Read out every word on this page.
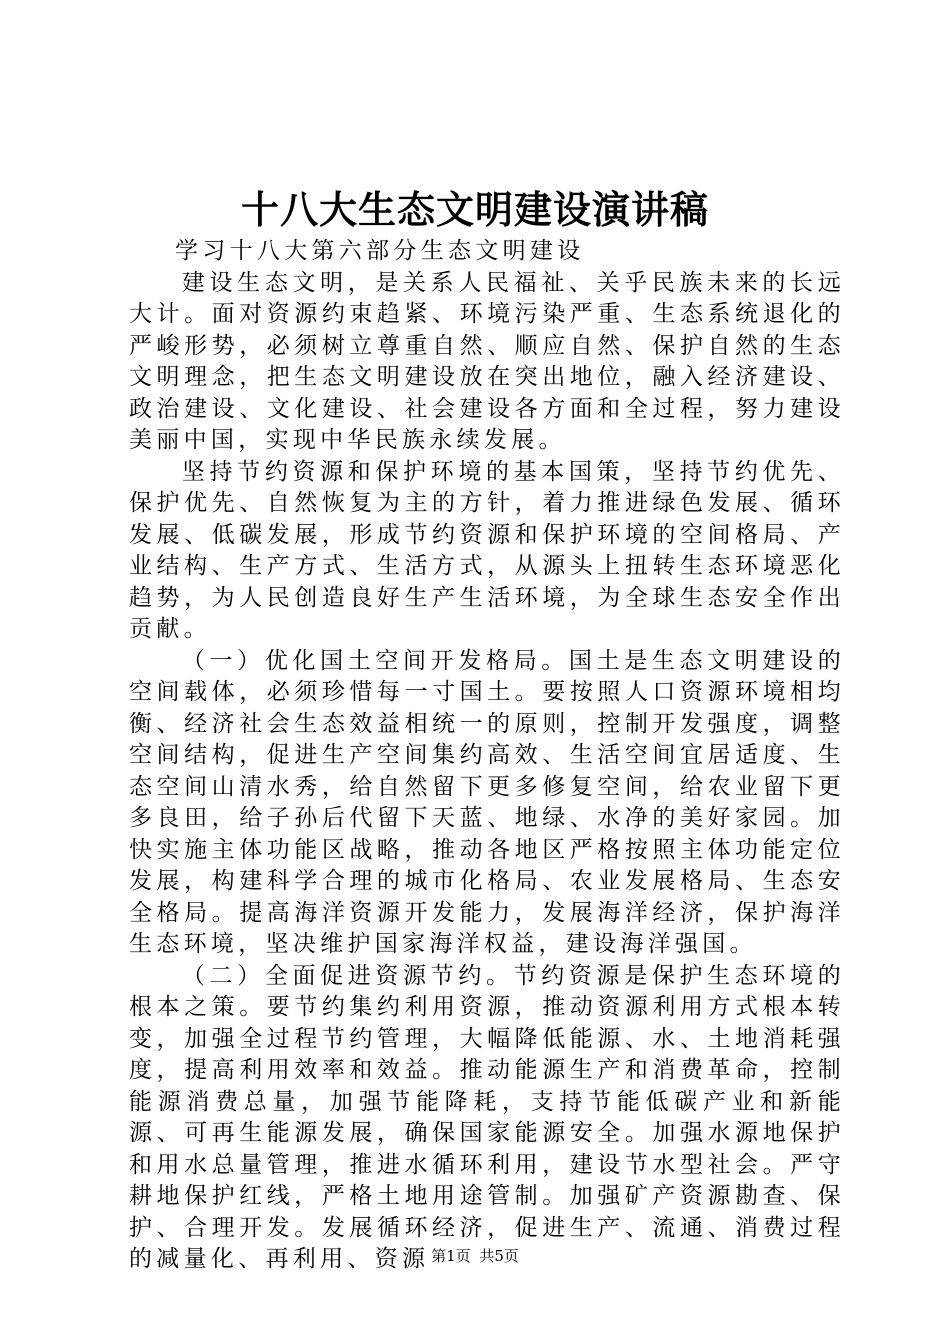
十八大生态文明建设演讲稿

学习十八大第六部分生态文明建设

建设生态文明，是关系人民福祉、关乎民族未来的长远大计。面对资源约束趋紧、环境污染严重、生态系统退化的严峻形势，必须树立尊重自然、顺应自然、保护自然的生态文明理念，把生态文明建设放在突出地位，融入经济建设、政治建设、文化建设、社会建设各方面和全过程，努力建设美丽中国，实现中华民族永续发展。

坚持节约资源和保护环境的基本国策，坚持节约优先、保护优先、自然恢复为主的方针，着力推进绿色发展、循环发展、低碳发展，形成节约资源和保护环境的空间格局、产业结构、生产方式、生活方式，从源头上扭转生态环境恶化趋势，为人民创造良好生产生活环境，为全球生态安全作出贡献。

（一）优化国土空间开发格局。国土是生态文明建设的空间载体，必须珍惜每一寸国土。要按照人口资源环境相均衡、经济社会生态效益相统一的原则，控制开发强度，调整空间结构，促进生产空间集约高效、生活空间宜居适度、生态空间山清水秀，给自然留下更多修复空间，给农业留下更多良田，给子孙后代留下天蓝、地绿、水净的美好家园。加快实施主体功能区战略，推动各地区严格按照主体功能定位发展，构建科学合理的城市化格局、农业发展格局、生态安全格局。提高海洋资源开发能力，发展海洋经济，保护海洋生态环境，坚决维护国家海洋权益，建设海洋强国。

（二）全面促进资源节约。节约资源是保护生态环境的根本之策。要节约集约利用资源，推动资源利用方式根本转变，加强全过程节约管理，大幅降低能源、水、土地消耗强度，提高利用效率和效益。推动能源生产和消费革命，控制能源消费总量，加强节能降耗，支持节能低碳产业和新能源、可再生能源发展，确保国家能源安全。加强水源地保护和用水总量管理，推进水循环利用，建设节水型社会。严守耕地保护红线，严格土地用途管制。加强矿产资源勘查、保护、合理开发。发展循环经济，促进生产、流通、消费过程的减量化、再利用、资源 第1页 共5页
